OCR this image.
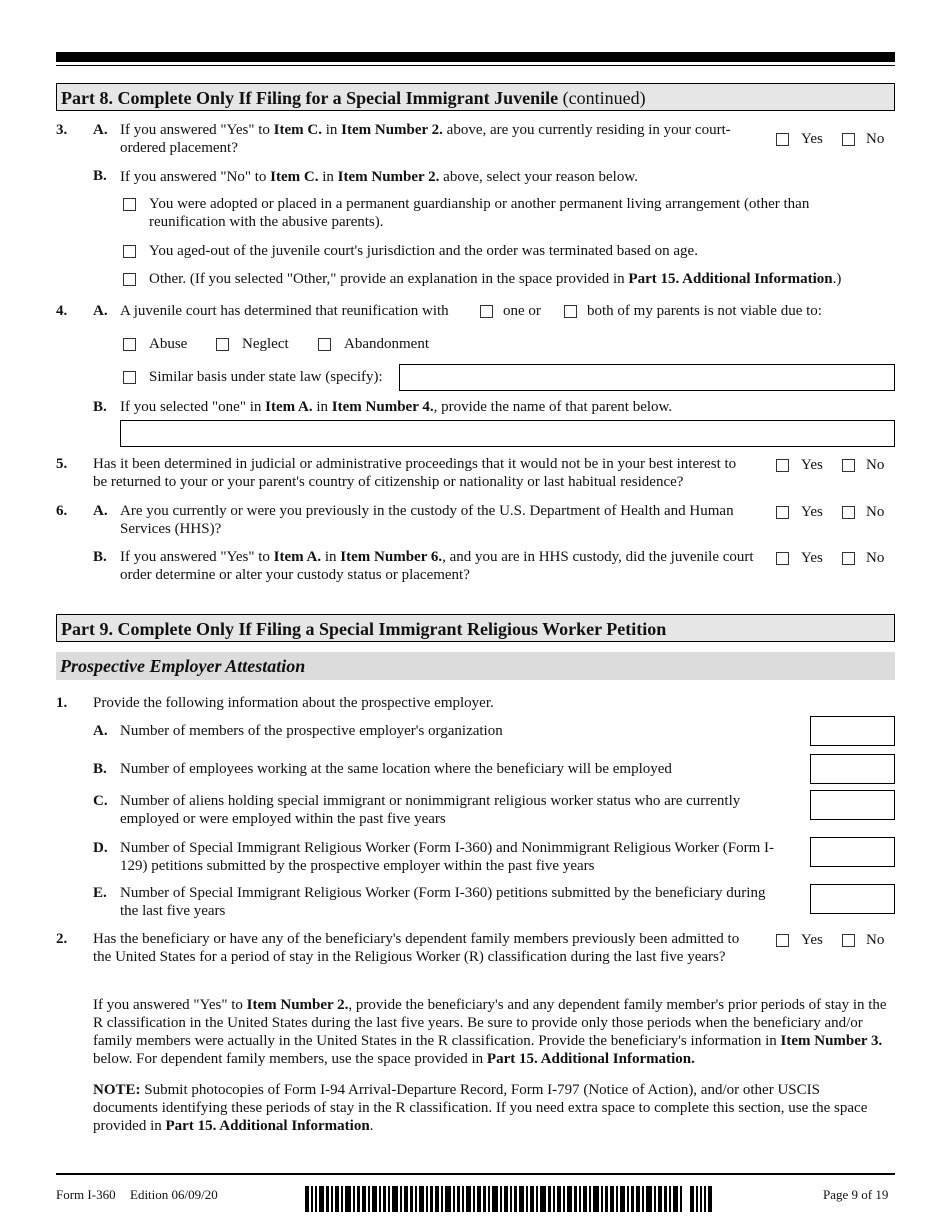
Part 8. Complete Only If Filing for a Special Immigrant Juvenile (continued)
3. A. If you answered "Yes" to Item C. in Item Number 2. above, are you currently residing in your court-ordered placement?
Yes	No
B. If you answered "No" to Item C. in Item Number 2. above, select your reason below.
You were adopted or placed in a permanent guardianship or another permanent living arrangement (other than reunification with the abusive parents).
You aged-out of the juvenile court's jurisdiction and the order was terminated based on age.
Other. (If you selected "Other," provide an explanation in the space provided in Part 15. Additional Information.)
4. A. A juvenile court has determined that reunification with	one or	both of my parents is not viable due to:
Abuse	Neglect	Abandonment
Similar basis under state law (specify):
B. If you selected "one" in Item A. in Item Number 4., provide the name of that parent below.
5. Has it been determined in judicial or administrative proceedings that it would not be in your best interest to be returned to your or your parent's country of citizenship or nationality or last habitual residence?
Yes	No
6. A. Are you currently or were you previously in the custody of the U.S. Department of Health and Human Services (HHS)?
Yes	No
B. If you answered "Yes" to Item A. in Item Number 6., and you are in HHS custody, did the juvenile court order determine or alter your custody status or placement?
Yes	No
Part 9. Complete Only If Filing a Special Immigrant Religious Worker Petition
Prospective Employer Attestation
1. Provide the following information about the prospective employer.
A. Number of members of the prospective employer's organization
B. Number of employees working at the same location where the beneficiary will be employed
C. Number of aliens holding special immigrant or nonimmigrant religious worker status who are currently employed or were employed within the past five years
D. Number of Special Immigrant Religious Worker (Form I-360) and Nonimmigrant Religious Worker (Form I-129) petitions submitted by the prospective employer within the past five years
E. Number of Special Immigrant Religious Worker (Form I-360) petitions submitted by the beneficiary during the last five years
2. Has the beneficiary or have any of the beneficiary's dependent family members previously been admitted to the United States for a period of stay in the Religious Worker (R) classification during the last five years?
Yes	No
If you answered "Yes" to Item Number 2., provide the beneficiary's and any dependent family member's prior periods of stay in the R classification in the United States during the last five years. Be sure to provide only those periods when the beneficiary and/or family members were actually in the United States in the R classification. Provide the beneficiary's information in Item Number 3. below. For dependent family members, use the space provided in Part 15. Additional Information.
NOTE: Submit photocopies of Form I-94 Arrival-Departure Record, Form I-797 (Notice of Action), and/or other USCIS documents identifying these periods of stay in the R classification. If you need extra space to complete this section, use the space provided in Part 15. Additional Information.
Form I-360 Edition 06/09/20	Page 9 of 19
